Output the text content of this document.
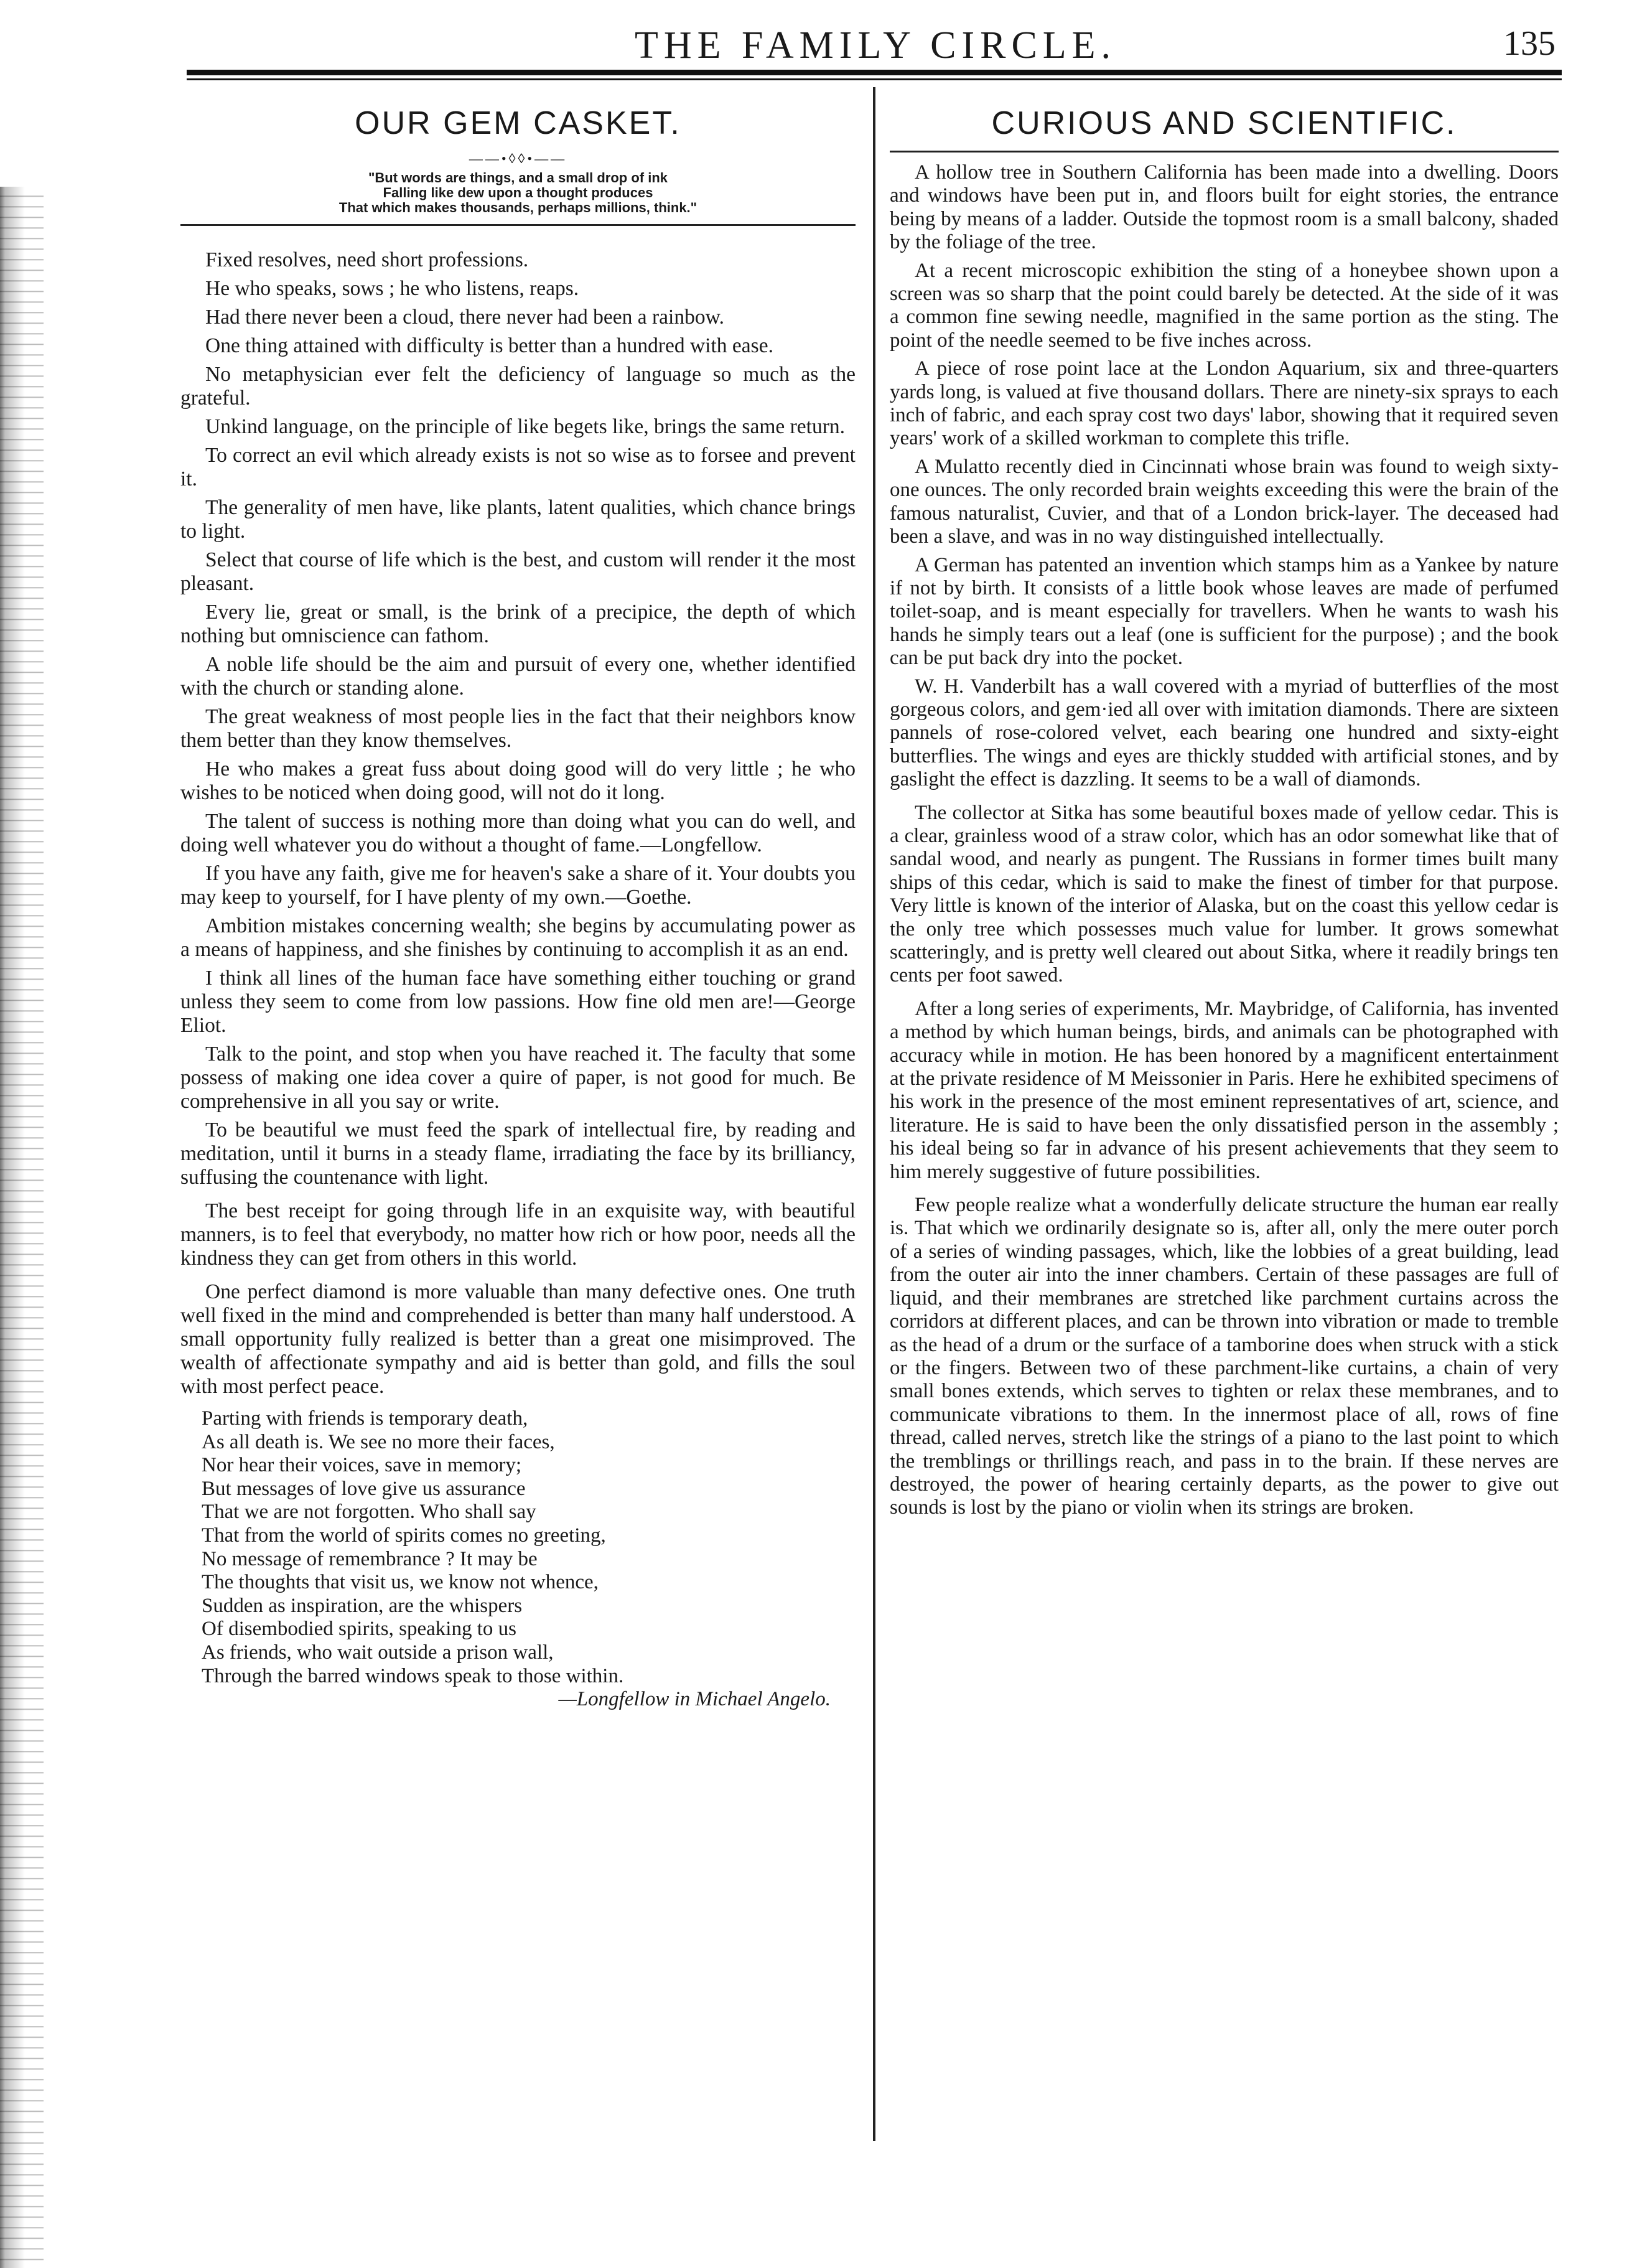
THE FAMILY CIRCLE.	135
OUR GEM CASKET.
——•◊◊•——
"But words are things, and a small drop of ink
Falling like dew upon a thought produces
That which makes thousands, perhaps millions, think."

Fixed resolves, need short professions.

He who speaks, sows ; he who listens, reaps.

Had there never been a cloud, there never had been a rainbow.

One thing attained with difficulty is better than a hundred with ease.

No metaphysician ever felt the deficiency of language so much as the grateful.

Unkind language, on the principle of like begets like, brings the same return.

To correct an evil which already exists is not so wise as to forsee and prevent it.

The generality of men have, like plants, latent qualities, which chance brings to light.

Select that course of life which is the best, and custom will render it the most pleasant.

Every lie, great or small, is the brink of a precipice, the depth of which nothing but omniscience can fathom.

A noble life should be the aim and pursuit of every one, whether identified with the church or standing alone.

The great weakness of most people lies in the fact that their neighbors know them better than they know themselves.

He who makes a great fuss about doing good will do very little ; he who wishes to be noticed when doing good, will not do it long.

The talent of success is nothing more than doing what you can do well, and doing well whatever you do without a thought of fame.—Longfellow.

If you have any faith, give me for heaven's sake a share of it. Your doubts you may keep to yourself, for I have plenty of my own.—Goethe.

Ambition mistakes concerning wealth; she begins by accumulating power as a means of happiness, and she finishes by continuing to accomplish it as an end.

I think all lines of the human face have something either touching or grand unless they seem to come from low passions. How fine old men are!—George Eliot.

Talk to the point, and stop when you have reached it. The faculty that some possess of making one idea cover a quire of paper, is not good for much. Be comprehensive in all you say or write.

To be beautiful we must feed the spark of intellectual fire, by reading and meditation, until it burns in a steady flame, irradiating the face by its brilliancy, suffusing the countenance with light.

The best receipt for going through life in an exquisite way, with beautiful manners, is to feel that everybody, no matter how rich or how poor, needs all the kindness they can get from others in this world.

One perfect diamond is more valuable than many defective ones. One truth well fixed in the mind and comprehended is better than many half understood. A small opportunity fully realized is better than a great one misimproved. The wealth of affectionate sympathy and aid is better than gold, and fills the soul with most perfect peace.

Parting with friends is temporary death,
As all death is. We see no more their faces,
Nor hear their voices, save in memory;
But messages of love give us assurance
That we are not forgotten. Who shall say
That from the world of spirits comes no greeting,
No message of remembrance ? It may be
The thoughts that visit us, we know not whence,
Sudden as inspiration, are the whispers
Of disembodied spirits, speaking to us
As friends, who wait outside a prison wall,
Through the barred windows speak to those within.
—Longfellow in Michael Angelo.
CURIOUS AND SCIENTIFIC.

A hollow tree in Southern California has been made into a dwelling. Doors and windows have been put in, and floors built for eight stories, the entrance being by means of a ladder. Outside the topmost room is a small balcony, shaded by the foliage of the tree.

At a recent microscopic exhibition the sting of a honeybee shown upon a screen was so sharp that the point could barely be detected. At the side of it was a common fine sewing needle, magnified in the same portion as the sting. The point of the needle seemed to be five inches across.

A piece of rose point lace at the London Aquarium, six and three-quarters yards long, is valued at five thousand dollars. There are ninety-six sprays to each inch of fabric, and each spray cost two days' labor, showing that it required seven years' work of a skilled workman to complete this trifle.

A Mulatto recently died in Cincinnati whose brain was found to weigh sixty-one ounces. The only recorded brain weights exceeding this were the brain of the famous naturalist, Cuvier, and that of a London brick-layer. The deceased had been a slave, and was in no way distinguished intellectually.

A German has patented an invention which stamps him as a Yankee by nature if not by birth. It consists of a little book whose leaves are made of perfumed toilet-soap, and is meant especially for travellers. When he wants to wash his hands he simply tears out a leaf (one is sufficient for the purpose) ; and the book can be put back dry into the pocket.

W. H. Vanderbilt has a wall covered with a myriad of butterflies of the most gorgeous colors, and gem·ied all over with imitation diamonds. There are sixteen pannels of rose-colored velvet, each bearing one hundred and sixty-eight butterflies. The wings and eyes are thickly studded with artificial stones, and by gaslight the effect is dazzling. It seems to be a wall of diamonds.

The collector at Sitka has some beautiful boxes made of yellow cedar. This is a clear, grainless wood of a straw color, which has an odor somewhat like that of sandal wood, and nearly as pungent. The Russians in former times built many ships of this cedar, which is said to make the finest of timber for that purpose. Very little is known of the interior of Alaska, but on the coast this yellow cedar is the only tree which possesses much value for lumber. It grows somewhat scatteringly, and is pretty well cleared out about Sitka, where it readily brings ten cents per foot sawed.

After a long series of experiments, Mr. Maybridge, of California, has invented a method by which human beings, birds, and animals can be photographed with accuracy while in motion. He has been honored by a magnificent entertainment at the private residence of M Meissonier in Paris. Here he exhibited specimens of his work in the presence of the most eminent representatives of art, science, and literature. He is said to have been the only dissatisfied person in the assembly ; his ideal being so far in advance of his present achievements that they seem to him merely suggestive of future possibilities.

Few people realize what a wonderfully delicate structure the human ear really is. That which we ordinarily designate so is, after all, only the mere outer porch of a series of winding passages, which, like the lobbies of a great building, lead from the outer air into the inner chambers. Certain of these passages are full of liquid, and their membranes are stretched like parchment curtains across the corridors at different places, and can be thrown into vibration or made to tremble as the head of a drum or the surface of a tamborine does when struck with a stick or the fingers. Between two of these parchment-like curtains, a chain of very small bones extends, which serves to tighten or relax these membranes, and to communicate vibrations to them. In the innermost place of all, rows of fine thread, called nerves, stretch like the strings of a piano to the last point to which the tremblings or thrillings reach, and pass in to the brain. If these nerves are destroyed, the power of hearing certainly departs, as the power to give out sounds is lost by the piano or violin when its strings are broken.
